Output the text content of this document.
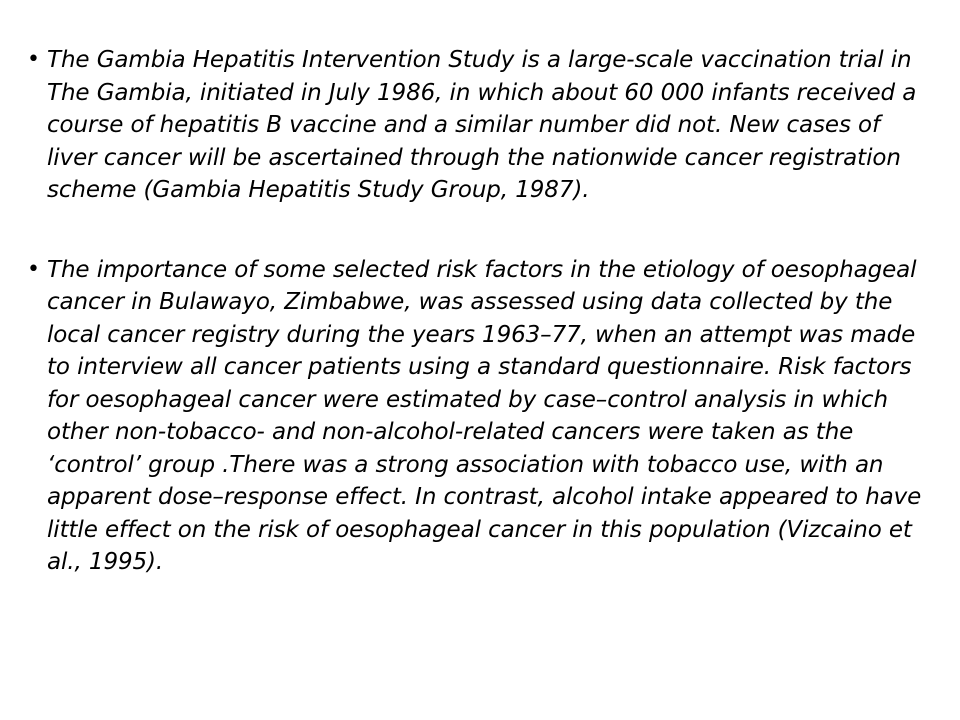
• The Gambia Hepatitis Intervention Study is a large-scale vaccination trial in The Gambia, initiated in July 1986, in which about 60 000 infants received a course of hepatitis B vaccine and a similar number did not. New cases of liver cancer will be ascertained through the nationwide cancer registration scheme (Gambia Hepatitis Study Group, 1987).
• The importance of some selected risk factors in the etiology of oesophageal cancer in Bulawayo, Zimbabwe, was assessed using data collected by the local cancer registry during the years 1963–77, when an attempt was made to interview all cancer patients using a standard questionnaire. Risk factors for oesophageal cancer were estimated by case–control analysis in which other non-tobacco- and non-alcohol-related cancers were taken as the ‘control’ group .There was a strong association with tobacco use, with an apparent dose–response effect. In contrast, alcohol intake appeared to have little effect on the risk of oesophageal cancer in this population (Vizcaino et al., 1995).
